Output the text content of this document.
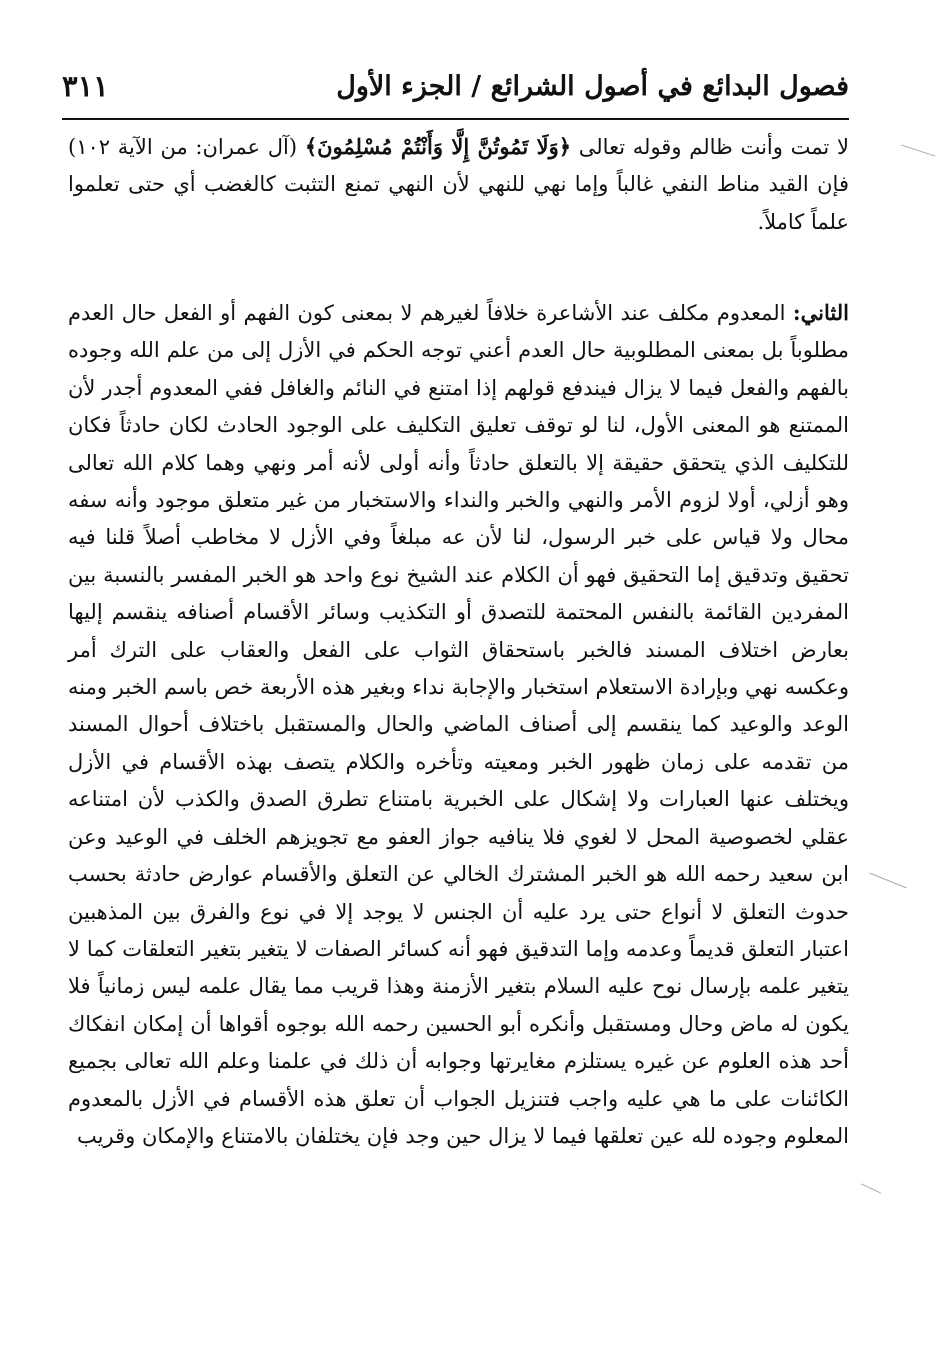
فصول البدائع في أصول الشرائع / الجزء الأول
٣١١

لا تمت وأنت ظالم وقوله تعالى ﴿وَلَا تَمُوتُنَّ إِلَّا وَأَنْتُمْ مُسْلِمُونَ﴾ (آل عمران: من الآية ١٠٢) فإن القيد مناط النفي غالباً وإما نهي للنهي لأن النهي تمنع التثبت كالغضب أي حتى تعلموا علماً كاملاً.

الثاني: المعدوم مكلف عند الأشاعرة خلافاً لغيرهم لا بمعنى كون الفهم أو الفعل حال العدم مطلوباً بل بمعنى المطلوبية حال العدم أعني توجه الحكم في الأزل إلى من علم الله وجوده بالفهم والفعل فيما لا يزال فيندفع قولهم إذا امتنع في النائم والغافل ففي المعدوم أجدر لأن الممتنع هو المعنى الأول، لنا لو توقف تعليق التكليف على الوجود الحادث لكان حادثاً فكان للتكليف الذي يتحقق حقيقة إلا بالتعلق حادثاً وأنه أولى لأنه أمر ونهي وهما كلام الله تعالى وهو أزلي، أولا لزوم الأمر والنهي والخبر والنداء والاستخبار من غير متعلق موجود وأنه سفه محال ولا قياس على خبر الرسول، لنا لأن عه مبلغاً وفي الأزل لا مخاطب أصلاً قلنا فيه تحقيق وتدقيق إما التحقيق فهو أن الكلام عند الشيخ نوع واحد هو الخبر المفسر بالنسبة بين المفردين القائمة بالنفس المحتمة للتصدق أو التكذيب وسائر الأقسام أصنافه ينقسم إليها بعارض اختلاف المسند فالخبر باستحقاق الثواب على الفعل والعقاب على الترك أمر وعكسه نهي وبإرادة الاستعلام استخبار والإجابة نداء وبغير هذه الأربعة خص باسم الخبر ومنه الوعد والوعيد كما ينقسم إلى أصناف الماضي والحال والمستقبل باختلاف أحوال المسند من تقدمه على زمان ظهور الخبر ومعيته وتأخره والكلام يتصف بهذه الأقسام في الأزل ويختلف عنها العبارات ولا إشكال على الخبرية بامتناع تطرق الصدق والكذب لأن امتناعه عقلي لخصوصية المحل لا لغوي فلا ينافيه جواز العفو مع تجويزهم الخلف في الوعيد وعن ابن سعيد رحمه الله هو الخبر المشترك الخالي عن التعلق والأقسام عوارض حادثة بحسب حدوث التعلق لا أنواع حتى يرد عليه أن الجنس لا يوجد إلا في نوع والفرق بين المذهبين اعتبار التعلق قديماً وعدمه وإما التدقيق فهو أنه كسائر الصفات لا يتغير بتغير التعلقات كما لا يتغير علمه بإرسال نوح عليه السلام بتغير الأزمنة وهذا قريب مما يقال علمه ليس زمانياً فلا يكون له ماض وحال ومستقبل وأنكره أبو الحسين رحمه الله بوجوه أقواها أن إمكان انفكاك أحد هذه العلوم عن غيره يستلزم مغايرتها وجوابه أن ذلك في علمنا وعلم الله تعالى بجميع الكائنات على ما هي عليه واجب فتنزيل الجواب أن تعلق هذه الأقسام في الأزل بالمعدوم المعلوم وجوده لله عين تعلقها فيما لا يزال حين وجد فإن يختلفان بالامتناع والإمكان وقريب
